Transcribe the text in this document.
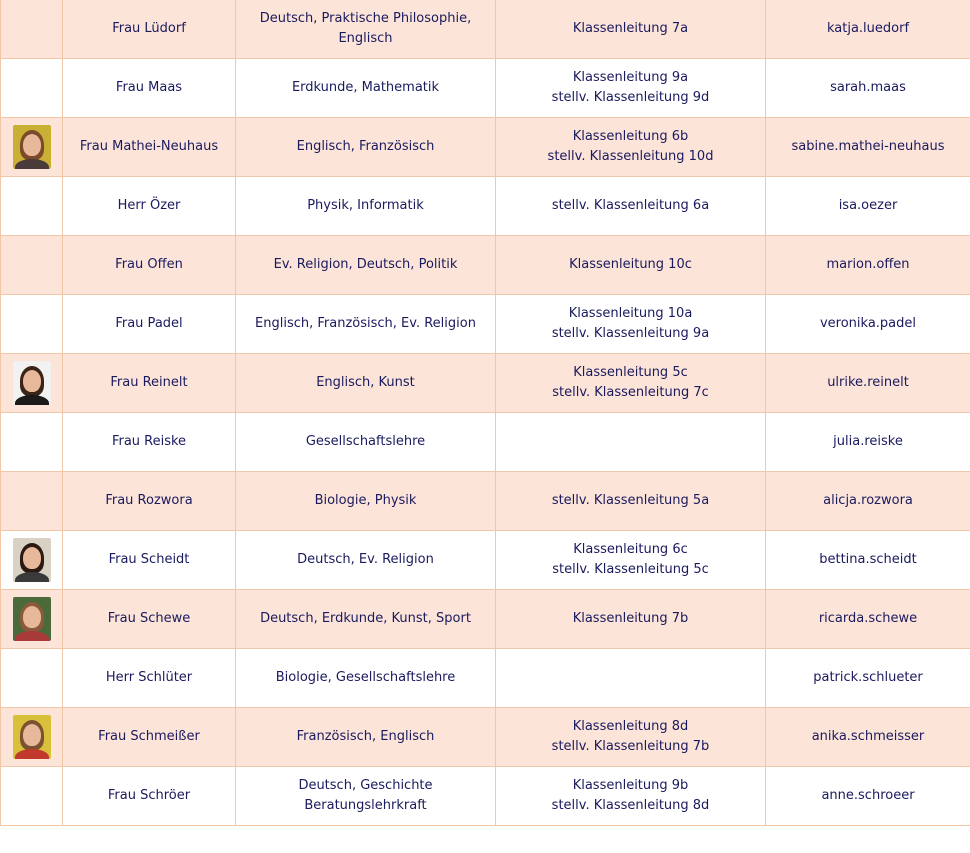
	Frau Lüdorf	Deutsch, Praktische Philosophie,
Englisch	Klassenleitung 7a	katja.luedorf
	Frau Maas	Erdkunde, Mathematik	Klassenleitung 9a
stellv. Klassenleitung 9d	sarah.maas

	Frau Mathei-Neuhaus	Englisch, Französisch	Klassenleitung 6b
stellv. Klassenleitung 10d	sabine.mathei-neuhaus
	Herr Özer	Physik, Informatik	stellv. Klassenleitung 6a	isa.oezer
	Frau Offen	Ev. Religion, Deutsch, Politik	Klassenleitung 10c	marion.offen
	Frau Padel	Englisch, Französisch, Ev. Religion	Klassenleitung 10a
stellv. Klassenleitung 9a	veronika.padel

	Frau Reinelt	Englisch, Kunst	Klassenleitung 5c
stellv. Klassenleitung 7c	ulrike.reinelt
	Frau Reiske	Gesellschaftslehre		julia.reiske
	Frau Rozwora	Biologie, Physik	stellv. Klassenleitung 5a	alicja.rozwora

	Frau Scheidt	Deutsch, Ev. Religion	Klassenleitung 6c
stellv. Klassenleitung 5c	bettina.scheidt

	Frau Schewe	Deutsch, Erdkunde, Kunst, Sport	Klassenleitung 7b	ricarda.schewe
	Herr Schlüter	Biologie, Gesellschaftslehre		patrick.schlueter

	Frau Schmeißer	Französisch, Englisch	Klassenleitung 8d
stellv. Klassenleitung 7b	anika.schmeisser
	Frau Schröer	Deutsch, Geschichte
Beratungslehrkraft	Klassenleitung 9b
stellv. Klassenleitung 8d	anne.schroeer
